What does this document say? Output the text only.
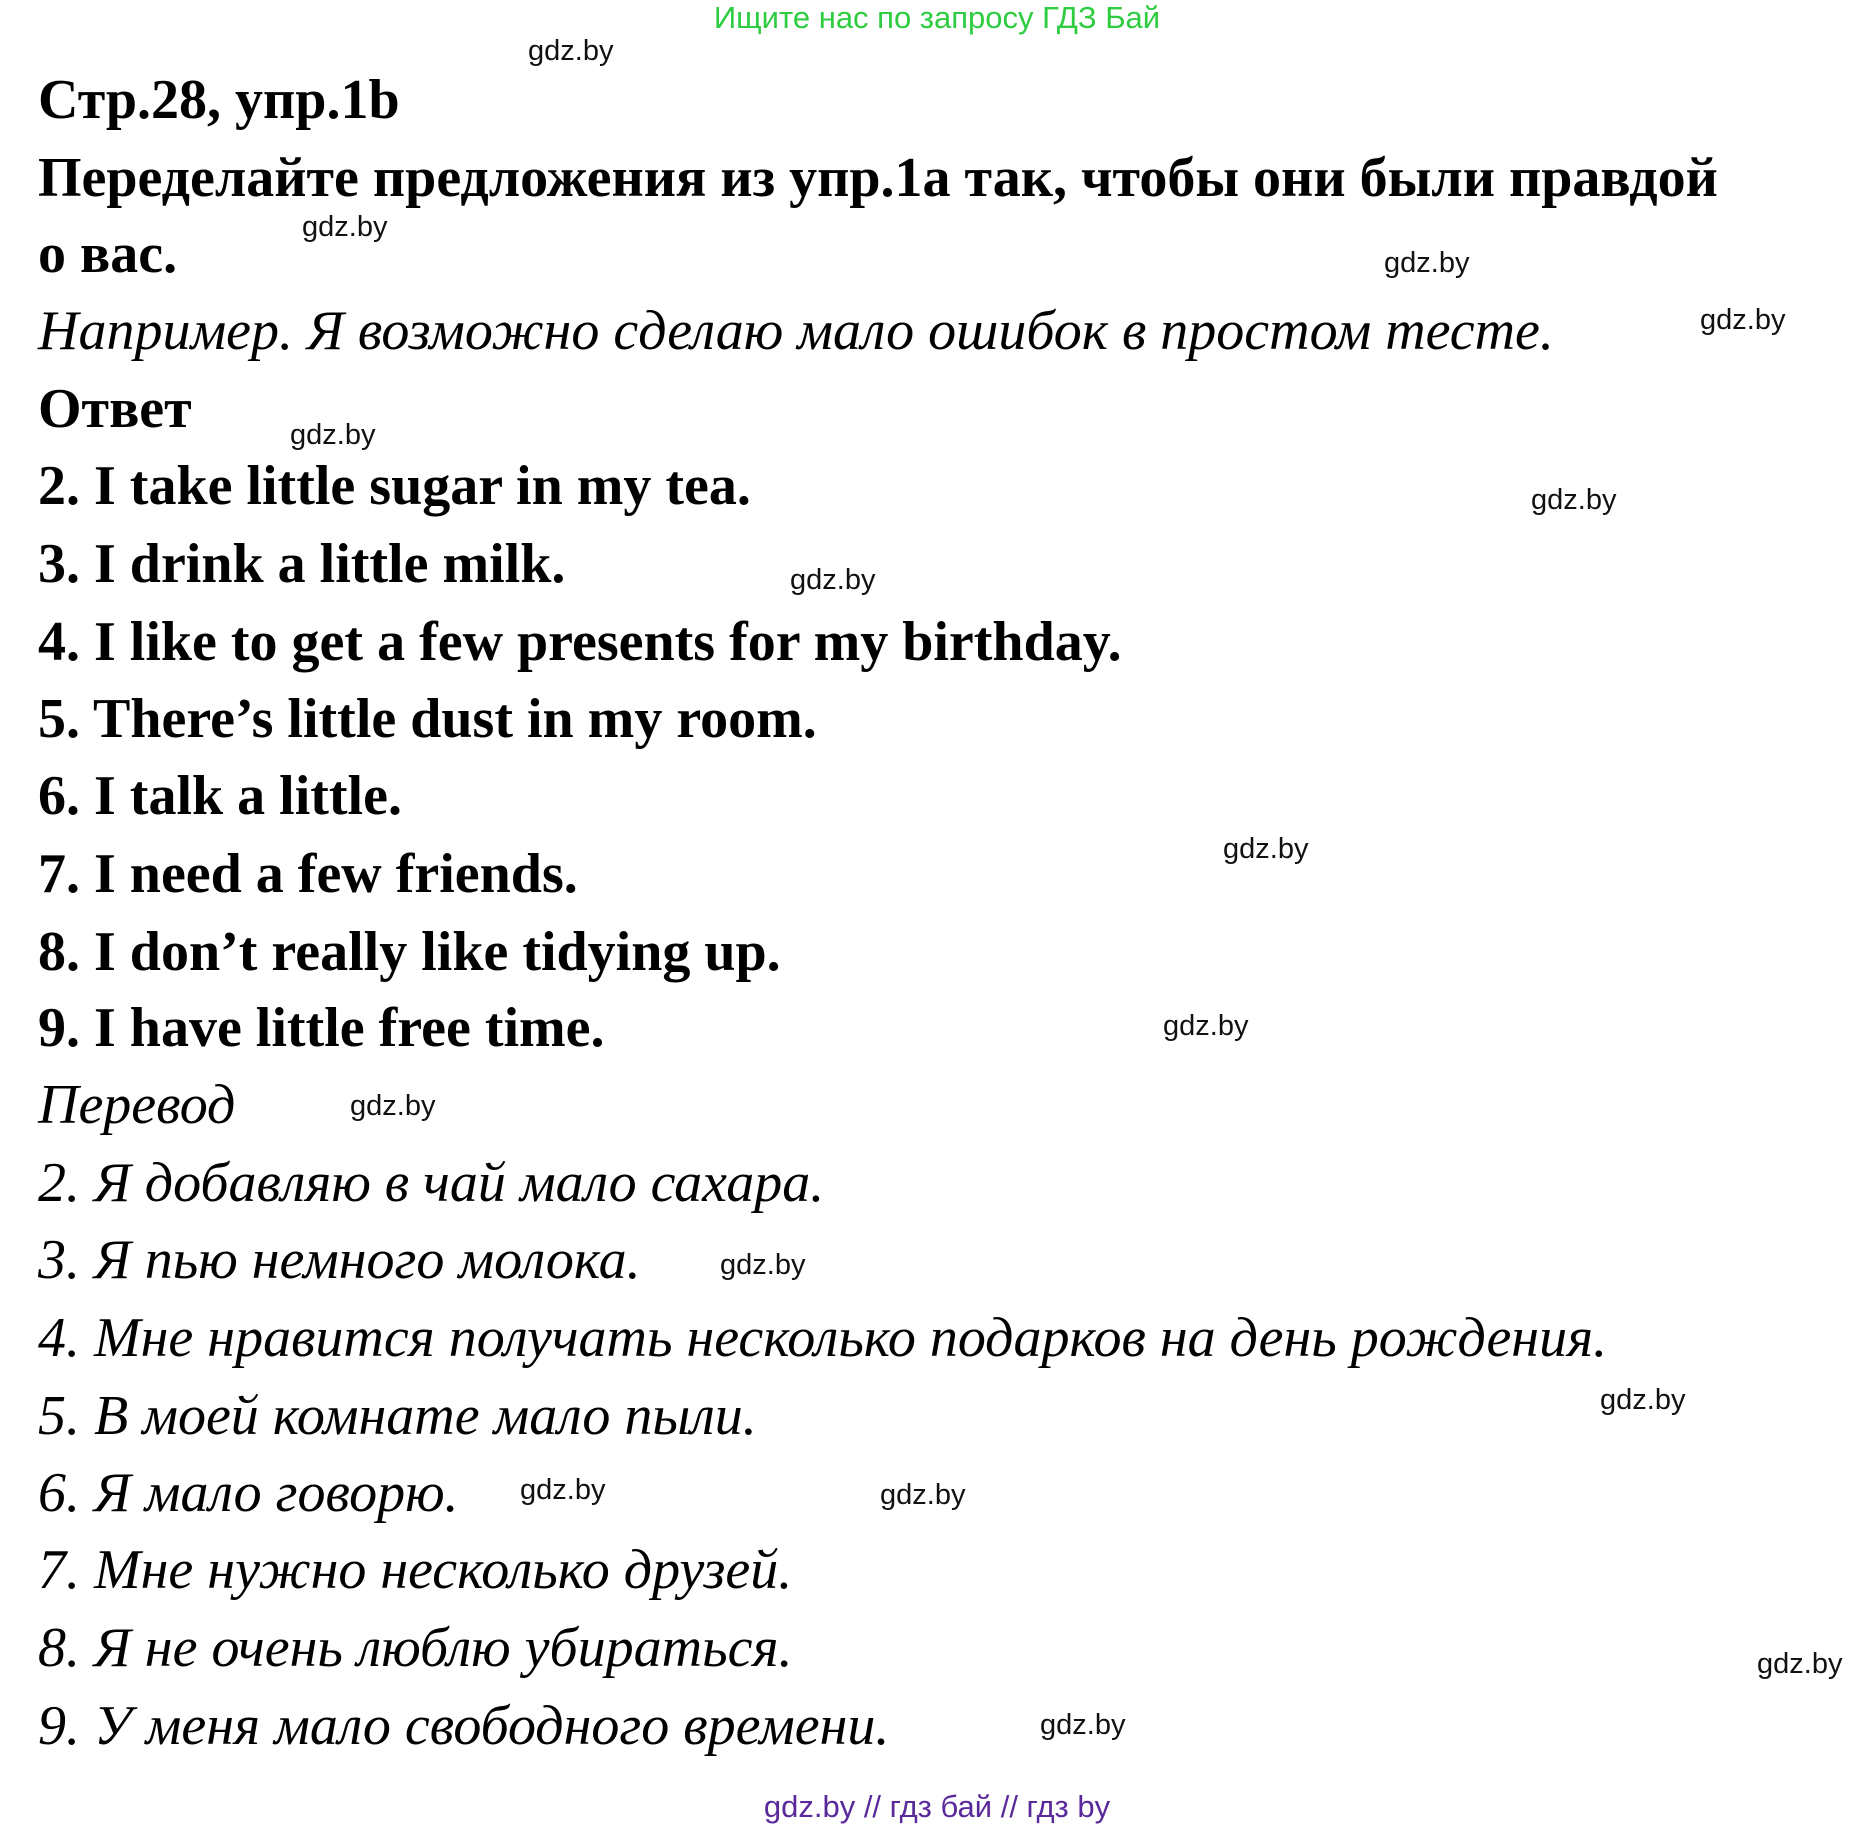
Ищите нас по запросу ГДЗ Бай
Стр.28, упр.1b
Переделайте предложения из упр.1a так, чтобы они были правдой
о вас.
Например. Я возможно сделаю мало ошибок в простом тесте.
Ответ
2. I take little sugar in my tea.
3. I drink a little milk.
4. I like to get a few presents for my birthday.
5. There’s little dust in my room.
6. I talk a little.
7. I need a few friends.
8. I don’t really like tidying up.
9. I have little free time.
Перевод
2. Я добавляю в чай мало сахара.
3. Я пью немного молока.
4. Мне нравится получать несколько подарков на день рождения.
5. В моей комнате мало пыли.
6. Я мало говорю.
7. Мне нужно несколько друзей.
8. Я не очень люблю убираться.
9. У меня мало свободного времени.
gdz.by
gdz.by
gdz.by
gdz.by
gdz.by
gdz.by
gdz.by
gdz.by
gdz.by
gdz.by
gdz.by
gdz.by
gdz.by	gdz.by
gdz.by
gdz.by
gdz.by // гдз бай // гдз by
